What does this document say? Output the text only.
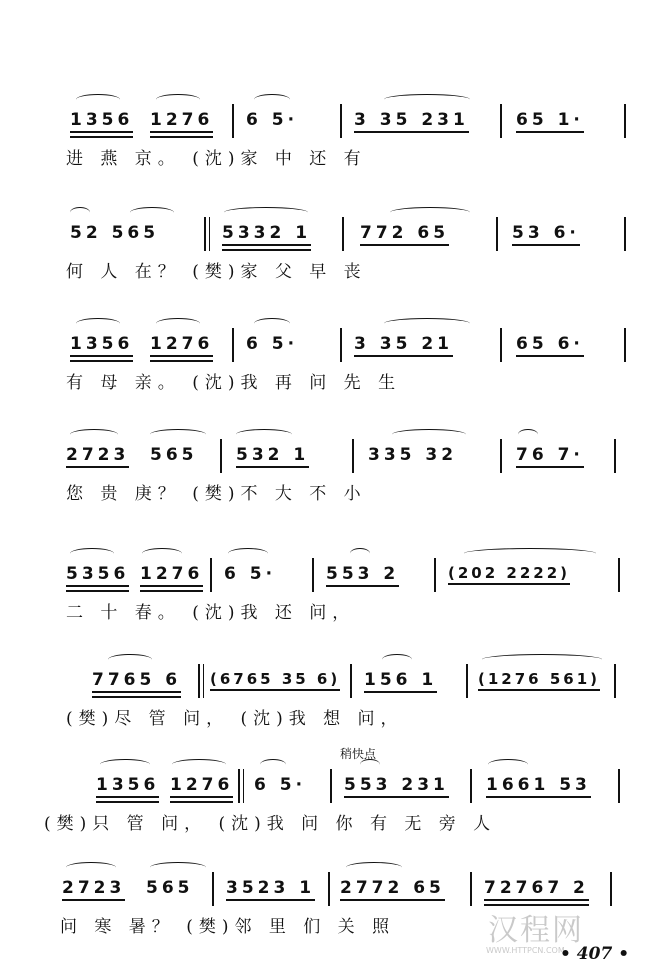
1356 1276 6 5·	3 35 231	65 1·
进 燕 京。 (沈)家 中 还 有
52 565	5332 1	772 65	53 6·
何 人 在？ (樊)家 父 早 丧
1356 1276 6 5·	3 35 21	65 6·
有 母 亲。 (沈)我 再 问 先 生
2723 565 532 1	335 32	76 7·
您 贵 庚？ (樊)不 大 不 小
5356 1276 6 5·	553 2	(202 2222)
二 十 春。 (沈)我 还 问，
7765 6 (6765 35 6) 156 1	(1276 561)
(樊)尽 管 问， (沈)我 想 问，
稍快点
1356 1276 6 5· 553 231 1661 53
(樊)只 管 问， (沈)我 问 你 有 无 旁 人
2723 565 3523 1 2772 65 72767 2
问 寒 暑？ (樊)邻 里 们 关 照	汉程网
WWW.HTTPCN.COM
• 407 •
